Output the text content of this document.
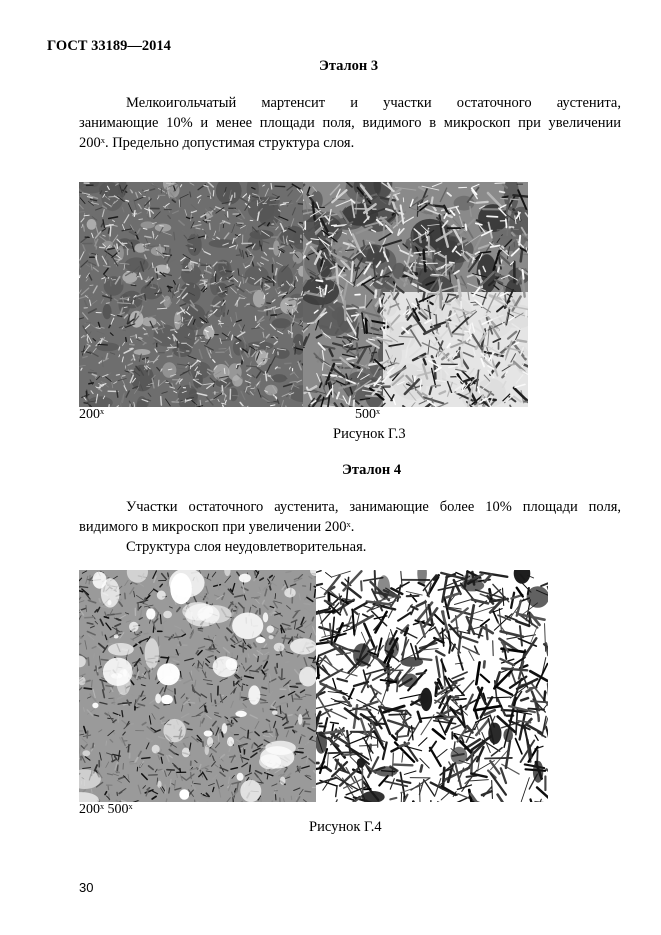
ГОСТ 33189—2014
Эталон 3
Мелкоигольчатый мартенсит и участки остаточного аустенита,
занимающие 10% и менее площади поля, видимого в микроскоп при увеличении
200ˣ. Предельно допустимая структура слоя.
200ˣ	500ˣ
Рисунок Г.3
Эталон 4
Участки остаточного аустенита, занимающие более 10% площади поля,
видимого в микроскоп при увеличении 200ˣ.
Структура слоя неудовлетворительная.
200ˣ 500ˣ
Рисунок Г.4
30
